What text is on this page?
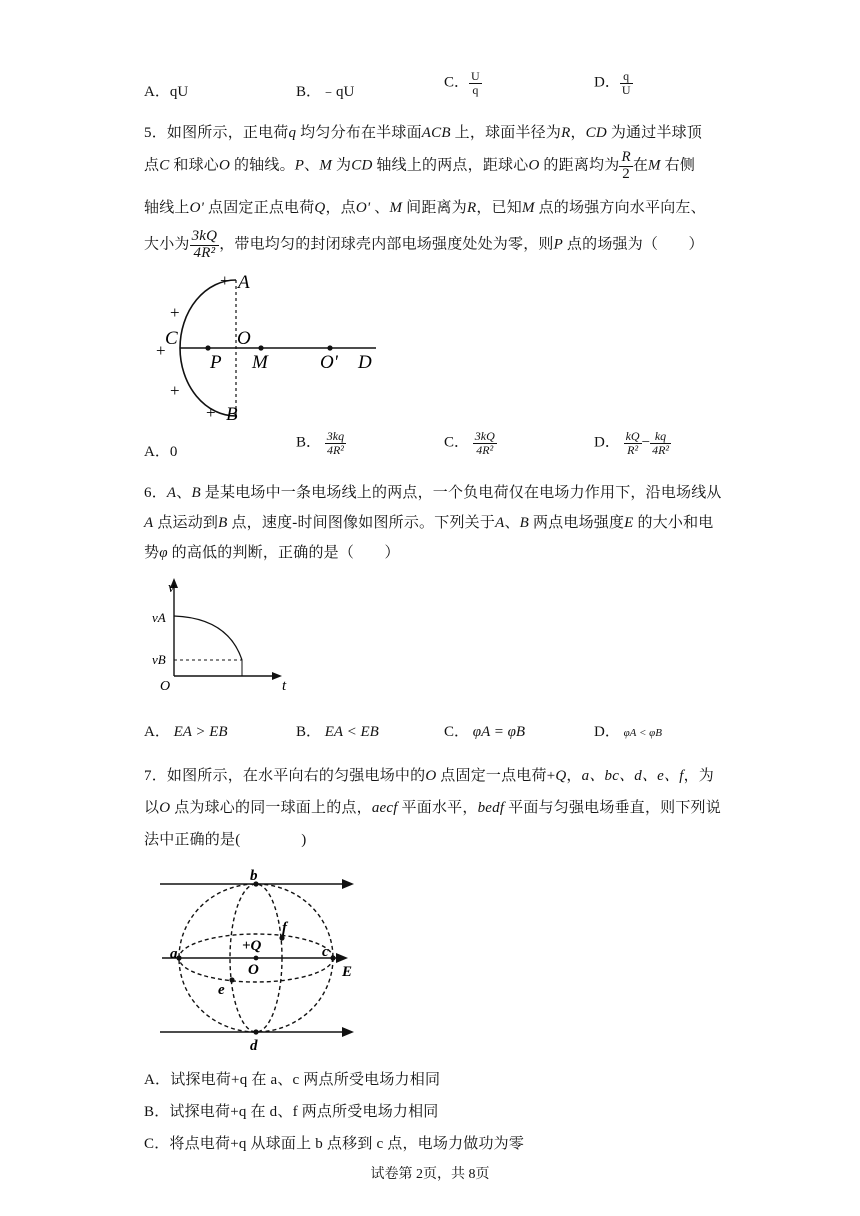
A．qU	B．﹣qU
C． $\frac{U}{q}$	D． $\frac{q}{U}$
5．如图所示，正电荷q 均匀分布在半球面ACB 上，球面半径为R，CD 为通过半球顶
点C 和球心O 的轴线。P、M 为CD 轴线上的两点，距球心O 的距离均为 $\frac{R}{2}$ 在M 右侧
轴线上O' 点固定正点电荷Q，点O' 、M 间距离为R，已知M 点的场强方向水平向左、
大小为 $\frac{3kQ}{\text{4R²}}$ ，带电均匀的封闭球壳内部电场强度处处为零，则P 点的场强为（　　）
+ A
+
C
+
O
P M	O' D
+
+ B
A．0
B． $\frac{3kq}{\text{4R²}}$	C． $\frac{3kQ}{\text{4R²}}$	D． $\frac{kQ}{\text{R²}} - \frac{kq}{\text{4R²}}$
6．A、B 是某电场中一条电场线上的两点，一个负电荷仅在电场力作用下，沿电场线从
A 点运动到B 点，速度-时间图像如图所示。下列关于A、B 两点电场强度E 的大小和电
势φ 的高低的判断，正确的是（　　）
v
vA
vB
O	t
A． EA > EB	B． EA < EB	C． φA = φB	D． φA < φB
7．如图所示，在水平向右的匀强电场中的O 点固定一点电荷+Q，a、bc、d、e、f，为
以O 点为球心的同一球面上的点，aecf 平面水平，bedf 平面与匀强电场垂直，则下列说
法中正确的是(　　　　)
a
b
c
d
e
f
+Q
O	E
A．试探电荷+q 在 a、c 两点所受电场力相同
B．试探电荷+q 在 d、f 两点所受电场力相同
C．将点电荷+q 从球面上 b 点移到 c 点，电场力做功为零
试卷第 2页，共 8页
